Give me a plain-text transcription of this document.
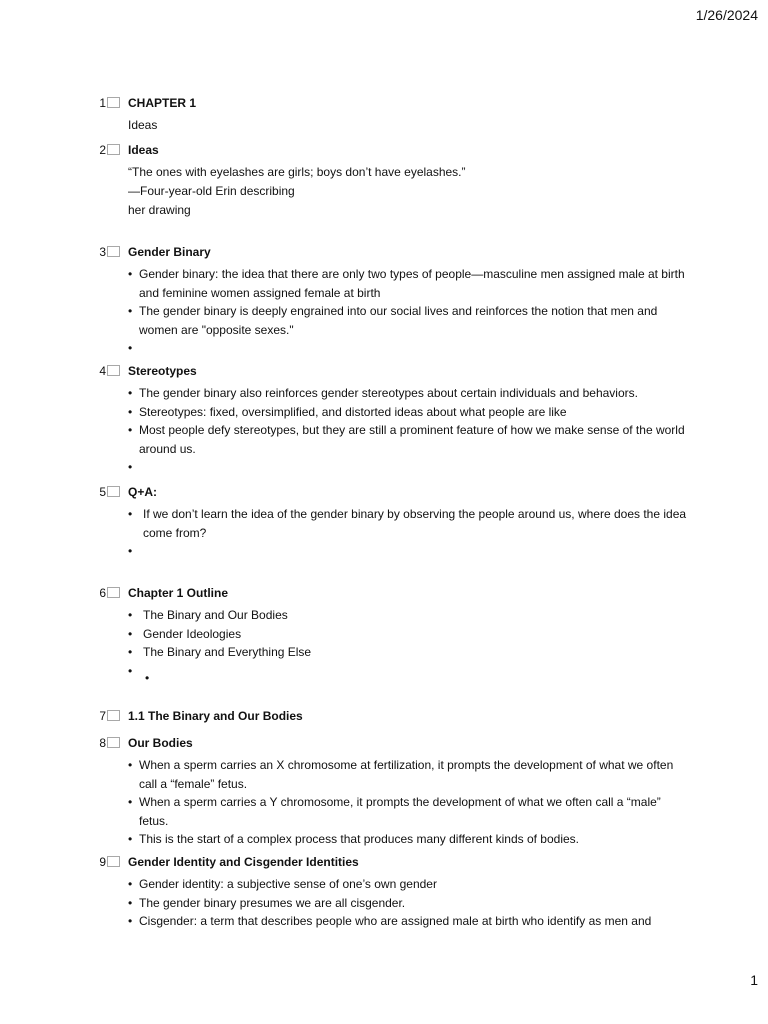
1/26/2024
1 CHAPTER 1

Ideas

2 Ideas

“The ones with eyelashes are girls; boys don’t have eyelashes.”

—Four-year-old Erin describing

her drawing

3 Gender Binary
• Gender binary: the idea that there are only two types of people—masculine men assigned male at birth and feminine women assigned female at birth
• The gender binary is deeply engrained into our social lives and reinforces the notion that men and women are "opposite sexes."
•
4 Stereotypes
• The gender binary also reinforces gender stereotypes about certain individuals and behaviors.
• Stereotypes: fixed, oversimplified, and distorted ideas about what people are like
• Most people defy stereotypes, but they are still a prominent feature of how we make sense of the world around us.
•
5 Q+A:
• If we don’t learn the idea of the gender binary by observing the people around us, where does the idea come from?
•
6 Chapter 1 Outline
• The Binary and Our Bodies
• Gender Ideologies
• The Binary and Everything Else
•
•
7 1.1 The Binary and Our Bodies
8 Our Bodies
• When a sperm carries an X chromosome at fertilization, it prompts the development of what we often call a “female” fetus.
• When a sperm carries a Y chromosome, it prompts the development of what we often call a “male” fetus.
• This is the start of a complex process that produces many different kinds of bodies.
9 Gender Identity and Cisgender Identities
• Gender identity: a subjective sense of one’s own gender
• The gender binary presumes we are all cisgender.
• Cisgender: a term that describes people who are assigned male at birth who identify as men and
1
